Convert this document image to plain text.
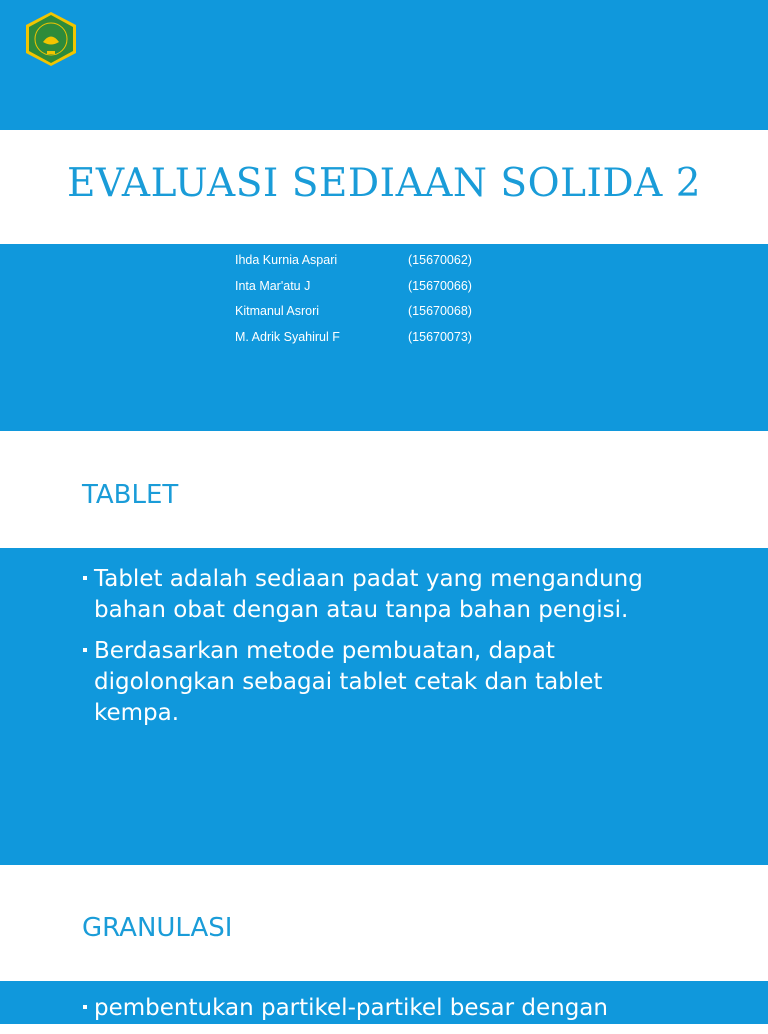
EVALUASI SEDIAAN SOLIDA 2
Ihda Kurnia Aspari	(15670062)
Inta Mar'atu J	(15670066)
Kitmanul Asrori	(15670068)
M. Adrik Syahirul F	(15670073)
TABLET
Tablet adalah sediaan padat yang mengandung bahan obat dengan atau tanpa bahan pengisi.
Berdasarkan metode pembuatan, dapat digolongkan sebagai tablet cetak dan tablet kempa.
GRANULASI
pembentukan partikel-partikel besar dengan
